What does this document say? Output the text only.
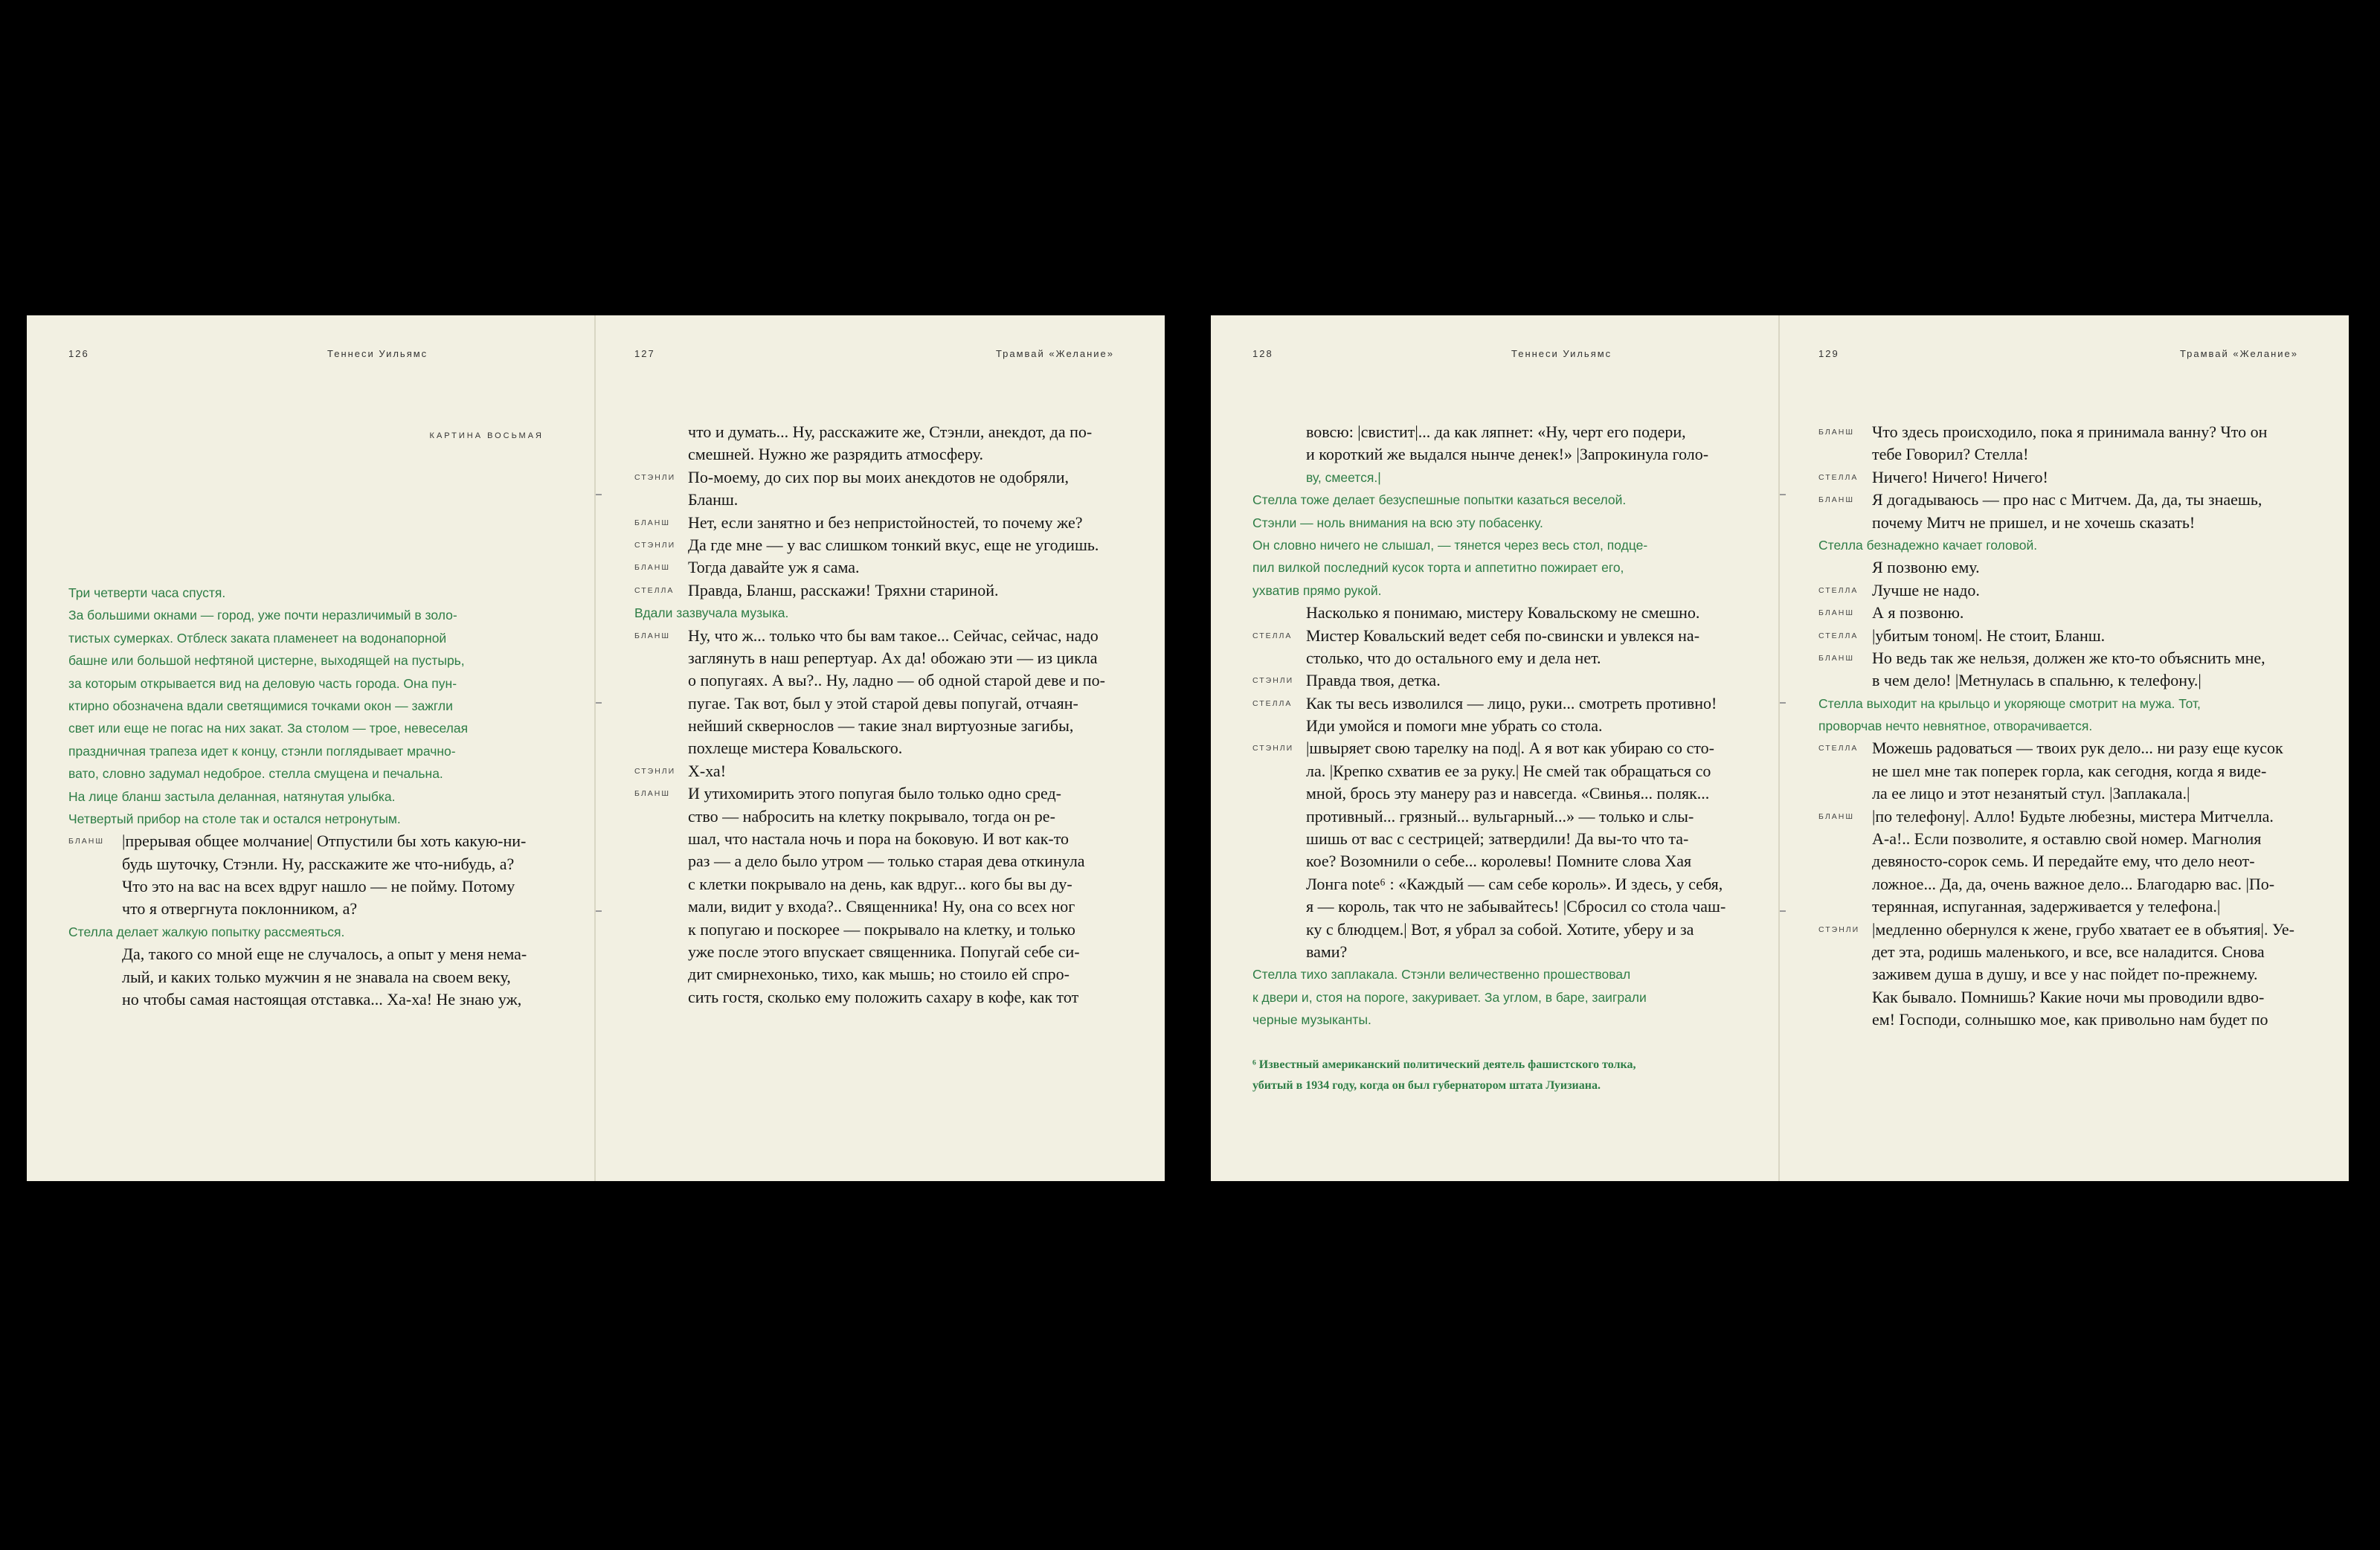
126	Теннеси Уильямс
КАРТИНА ВОСЬМАЯ
Три четверти часа спустя.
За большими окнами — город, уже почти неразличимый в золо-
тистых сумерках. Отблеск заката пламенеет на водонапорной
башне или большой нефтяной цистерне, выходящей на пустырь,
за которым открывается вид на деловую часть города. Она пун-
ктирно обозначена вдали светящимися точками окон — зажгли
свет или еще не погас на них закат. За столом — трое, невеселая
праздничная трапеза идет к концу, стэнли поглядывает мрачно-
вато, словно задумал недоброе. стелла смущена и печальна.
На лице бланш застыла деланная, натянутая улыбка.
Четвертый прибор на столе так и остался нетронутым.
БЛАНШ	|прерывая общее молчание| Отпустили бы хоть какую-ни-
будь шуточку, Стэнли. Ну, расскажите же что-нибудь, а?
Что это на вас на всех вдруг нашло — не пойму. Потому
что я отвергнута поклонником, а?
Стелла делает жалкую попытку рассмеяться.
Да, такого со мной еще не случалось, а опыт у меня нема-
лый, и каких только мужчин я не знавала на своем веку,
но чтобы самая настоящая отставка... Ха-ха! Не знаю уж,
127	Трамвай «Желание»
что и думать... Ну, расскажите же, Стэнли, анекдот, да по-
смешней. Нужно же разрядить атмосферу.
СТЭНЛИ По-моему, до сих пор вы моих анекдотов не одобряли,
Бланш.
БЛАНШ	Нет, если занятно и без непристойностей, то почему же?
СТЭНЛИ Да где мне — у вас слишком тонкий вкус, еще не угодишь.
БЛАНШ	Тогда давайте уж я сама.
СТЕЛЛА Правда, Бланш, расскажи! Тряхни стариной.
Вдали зазвучала музыка.
БЛАНШ	Ну, что ж... только что бы вам такое... Сейчас, сейчас, надо
заглянуть в наш репертуар. Ах да! обожаю эти — из цикла
о попугаях. А вы?.. Ну, ладно — об одной старой деве и по-
пугае. Так вот, был у этой старой девы попугай, отчаян-
нейший сквернослов — такие знал виртуозные загибы,
похлеще мистера Ковальского.
СТЭНЛИ Х-ха!
БЛАНШ	И утихомирить этого попугая было только одно сред-
ство — набросить на клетку покрывало, тогда он ре-
шал, что настала ночь и пора на боковую. И вот как-то
раз — а дело было утром — только старая дева откинула
с клетки покрывало на день, как вдруг... кого бы вы ду-
мали, видит у входа?.. Священника! Ну, она со всех ног
к попугаю и поскорее — покрывало на клетку, и только
уже после этого впускает священника. Попугай себе си-
дит смирнехонько, тихо, как мышь; но стоило ей спро-
сить гостя, сколько ему положить сахару в кофе, как тот
128	Теннеси Уильямс
вовсю: |свистит|... да как ляпнет: «Ну, черт его подери,
и короткий же выдался нынче денек!» |Запрокинула голо-
ву, смеется.|
Стелла тоже делает безуспешные попытки казаться веселой.
Стэнли — ноль внимания на всю эту побасенку.
Он словно ничего не слышал, — тянется через весь стол, подце-
пил вилкой последний кусок торта и аппетитно пожирает его,
ухватив прямо рукой.
Насколько я понимаю, мистеру Ковальскому не смешно.
СТЕЛЛА Мистер Ковальский ведет себя по-свински и увлекся на-
столько, что до остального ему и дела нет.
СТЭНЛИ Правда твоя, детка.
СТЕЛЛА Как ты весь изволился — лицо, руки... смотреть противно!
Иди умойся и помоги мне убрать со стола.
СТЭНЛИ |швыряет свою тарелку на под|. А я вот как убираю со сто-
ла. |Крепко схватив ее за руку.| Не смей так обращаться со
мной, брось эту манеру раз и навсегда. «Свинья... поляк...
противный... грязный... вульгарный...» — только и слы-
шишь от вас с сестрицей; затвердили! Да вы-то что та-
кое? Возомнили о себе... королевы! Помните слова Хая
Лонга note⁶ : «Каждый — сам себе король». И здесь, у себя,
я — король, так что не забывайтесь! |Сбросил со стола чаш-
ку с блюдцем.| Вот, я убрал за собой. Хотите, уберу и за
вами?
Стелла тихо заплакала. Стэнли величественно прошествовал
к двери и, стоя на пороге, закуривает. За углом, в баре, заиграли
черные музыканты.
⁶ Известный американский политический деятель фашистского толка,
убитый в 1934 году, когда он был губернатором штата Луизиана.
129	Трамвай «Желание»
БЛАНШ	Что здесь происходило, пока я принимала ванну? Что он
тебе Говорил? Стелла!
СТЕЛЛА Ничего! Ничего! Ничего!
БЛАНШ	Я догадываюсь — про нас с Митчем. Да, да, ты знаешь,
почему Митч не пришел, и не хочешь сказать!
Стелла безнадежно качает головой.
Я позвоню ему.
СТЕЛЛА Лучше не надо.
БЛАНШ	А я позвоню.
СТЕЛЛА |убитым тоном|. Не стоит, Бланш.
БЛАНШ	Но ведь так же нельзя, должен же кто-то объяснить мне,
в чем дело! |Метнулась в спальню, к телефону.|
Стелла выходит на крыльцо и укоряюще смотрит на мужа. Тот,
проворчав нечто невнятное, отворачивается.
СТЕЛЛА Можешь радоваться — твоих рук дело... ни разу еще кусок
не шел мне так поперек горла, как сегодня, когда я виде-
ла ее лицо и этот незанятый стул. |Заплакала.|
БЛАНШ	|по телефону|. Алло! Будьте любезны, мистера Митчелла.
А-а!.. Если позволите, я оставлю свой номер. Магнолия
девяносто-сорок семь. И передайте ему, что дело неот-
ложное... Да, да, очень важное дело... Благодарю вас. |По-
терянная, испуганная, задерживается у телефона.|
СТЭНЛИ |медленно обернулся к жене, грубо хватает ее в объятия|. Уе-
дет эта, родишь маленького, и все, все наладится. Снова
заживем душа в душу, и все у нас пойдет по-прежнему.
Как бывало. Помнишь? Какие ночи мы проводили вдво-
ем! Господи, солнышко мое, как привольно нам будет по
